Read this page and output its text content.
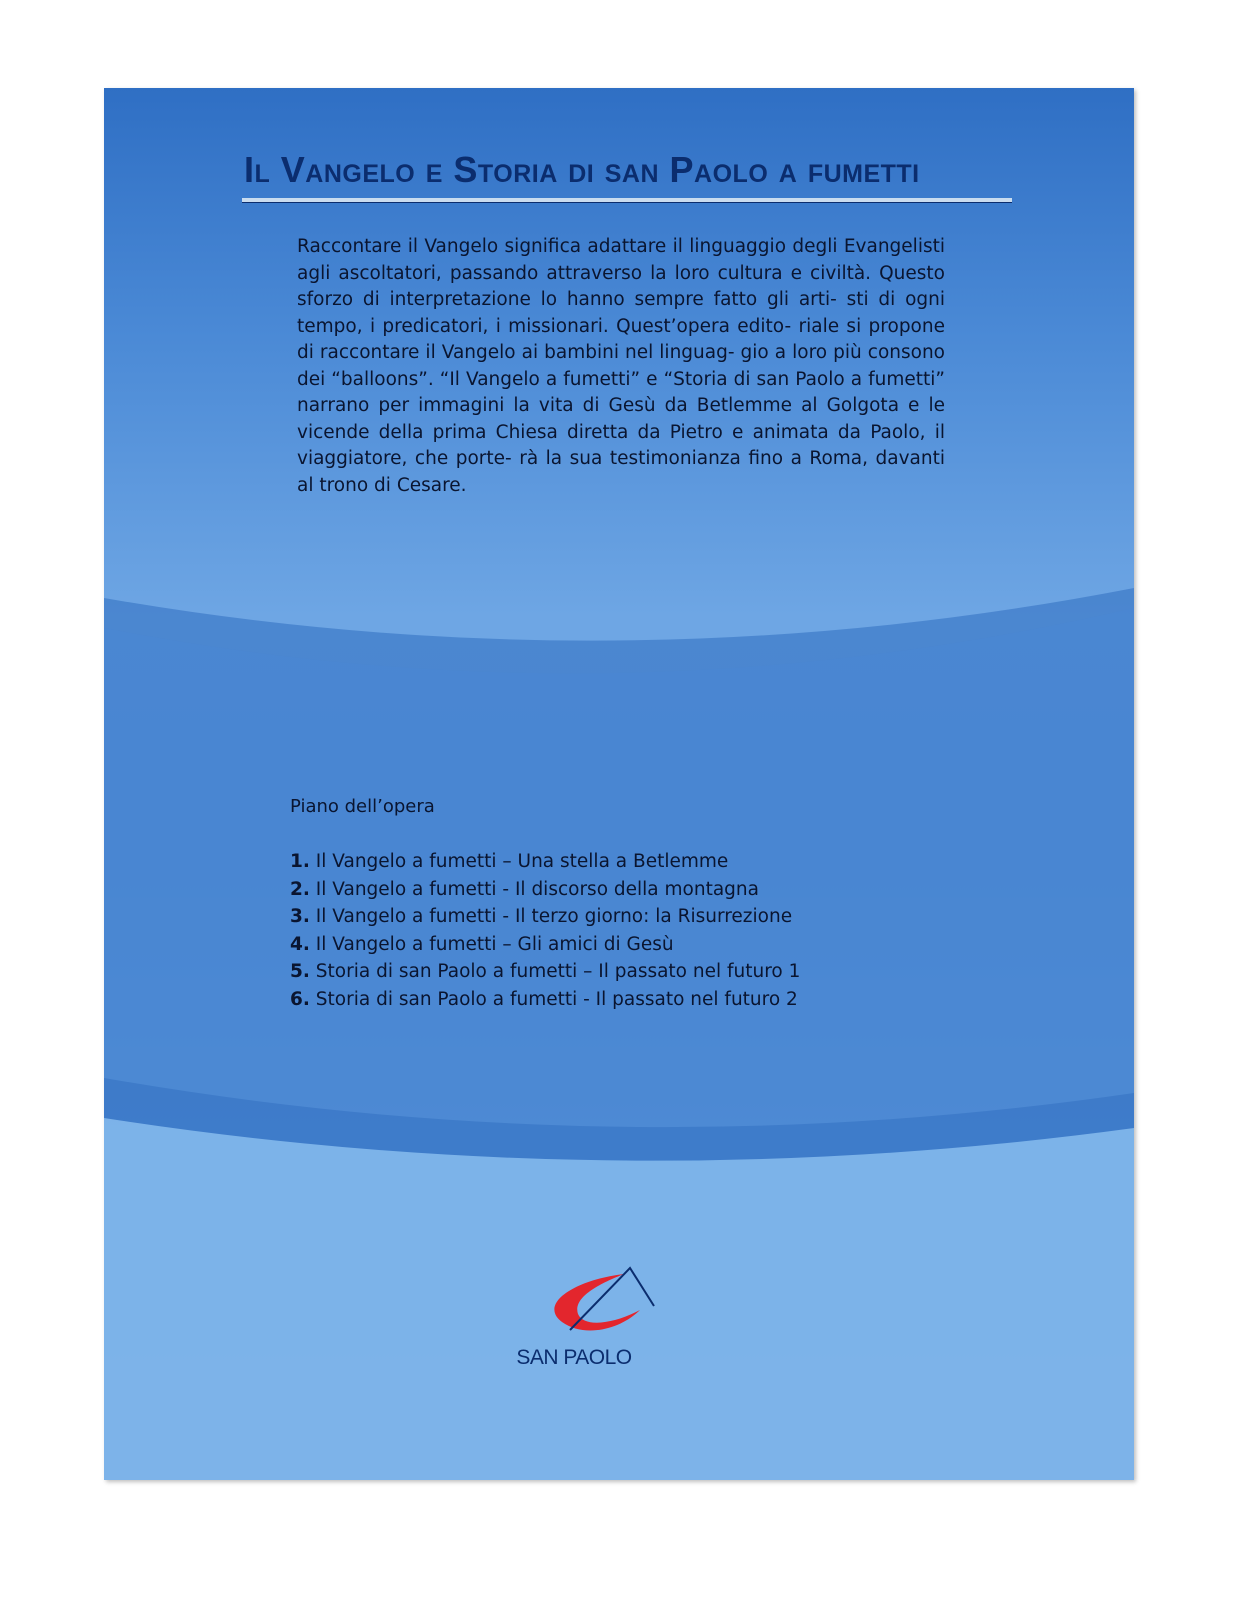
Il Vangelo e Storia di san Paolo a fumetti

Raccontare il Vangelo significa adattare il linguaggio degli Evangelisti agli ascoltatori, passando attraverso la loro cultura e civiltà. Questo sforzo di interpretazione lo hanno sempre fatto gli arti- sti di ogni tempo, i predicatori, i missionari. Quest’opera edito- riale si propone di raccontare il Vangelo ai bambini nel linguag- gio a loro più consono dei “balloons”. “Il Vangelo a fumetti” e “Storia di san Paolo a fumetti” narrano per immagini la vita di Gesù da Betlemme al Golgota e le vicende della prima Chiesa diretta da Pietro e animata da Paolo, il viaggiatore, che porte- rà la sua testimonianza fino a Roma, davanti al trono di Cesare.

Piano dell’opera

1. Il Vangelo a fumetti – Una stella a Betlemme
2. Il Vangelo a fumetti - Il discorso della montagna
3. Il Vangelo a fumetti - Il terzo giorno: la Risurrezione
4. Il Vangelo a fumetti – Gli amici di Gesù
5. Storia di san Paolo a fumetti – Il passato nel futuro 1
6. Storia di san Paolo a fumetti - Il passato nel futuro 2

SAN PAOLO
